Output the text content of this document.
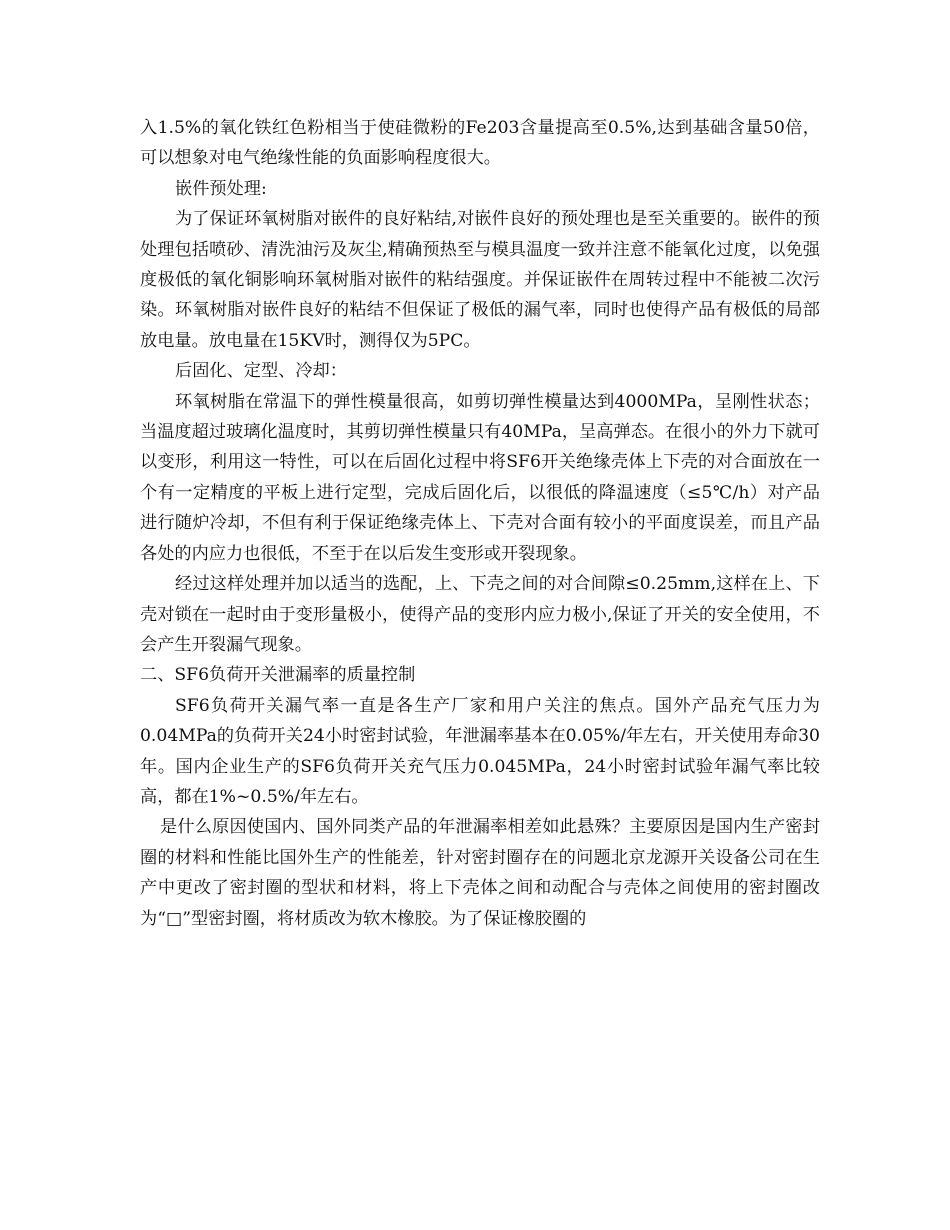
入1.5%的氧化铁红色粉相当于使硅微粉的Fe203含量提高至0.5%,达到基础含量50倍，可以想象对电气绝缘性能的负面影响程度很大。

嵌件预处理:

为了保证环氧树脂对嵌件的良好粘结,对嵌件良好的预处理也是至关重要的。嵌件的预处理包括喷砂、清洗油污及灰尘,精确预热至与模具温度一致并注意不能氧化过度，以免强度极低的氧化铜影响环氧树脂对嵌件的粘结强度。并保证嵌件在周转过程中不能被二次污染。环氧树脂对嵌件良好的粘结不但保证了极低的漏气率，同时也使得产品有极低的局部放电量。放电量在15KV时，测得仅为5PC。

后固化、定型、冷却：

环氧树脂在常温下的弹性模量很高，如剪切弹性模量达到4000MPa，呈刚性状态；当温度超过玻璃化温度时，其剪切弹性模量只有40MPa，呈高弹态。在很小的外力下就可以变形，利用这一特性，可以在后固化过程中将SF6开关绝缘壳体上下壳的对合面放在一个有一定精度的平板上进行定型，完成后固化后，以很低的降温速度（≤5℃/h）对产品进行随炉冷却，不但有利于保证绝缘壳体上、下壳对合面有较小的平面度误差，而且产品各处的内应力也很低，不至于在以后发生变形或开裂现象。

经过这样处理并加以适当的选配，上、下壳之间的对合间隙≤0.25mm,这样在上、下壳对锁在一起时由于变形量极小，使得产品的变形内应力极小,保证了开关的安全使用，不会产生开裂漏气现象。

二、SF6负荷开关泄漏率的质量控制

SF6负荷开关漏气率一直是各生产厂家和用户关注的焦点。国外产品充气压力为0.04MPa的负荷开关24小时密封试验，年泄漏率基本在0.05%/年左右，开关使用寿命30年。国内企业生产的SF6负荷开关充气压力0.045MPa，24小时密封试验年漏气率比较高，都在1%~0.5%/年左右。

是什么原因使国内、国外同类产品的年泄漏率相差如此悬殊？主要原因是国内生产密封圈的材料和性能比国外生产的性能差，针对密封圈存在的问题北京龙源开关设备公司在生产中更改了密封圈的型状和材料，将上下壳体之间和动配合与壳体之间使用的密封圈改为“□”型密封圈，将材质改为软木橡胶。为了保证橡胶圈的
